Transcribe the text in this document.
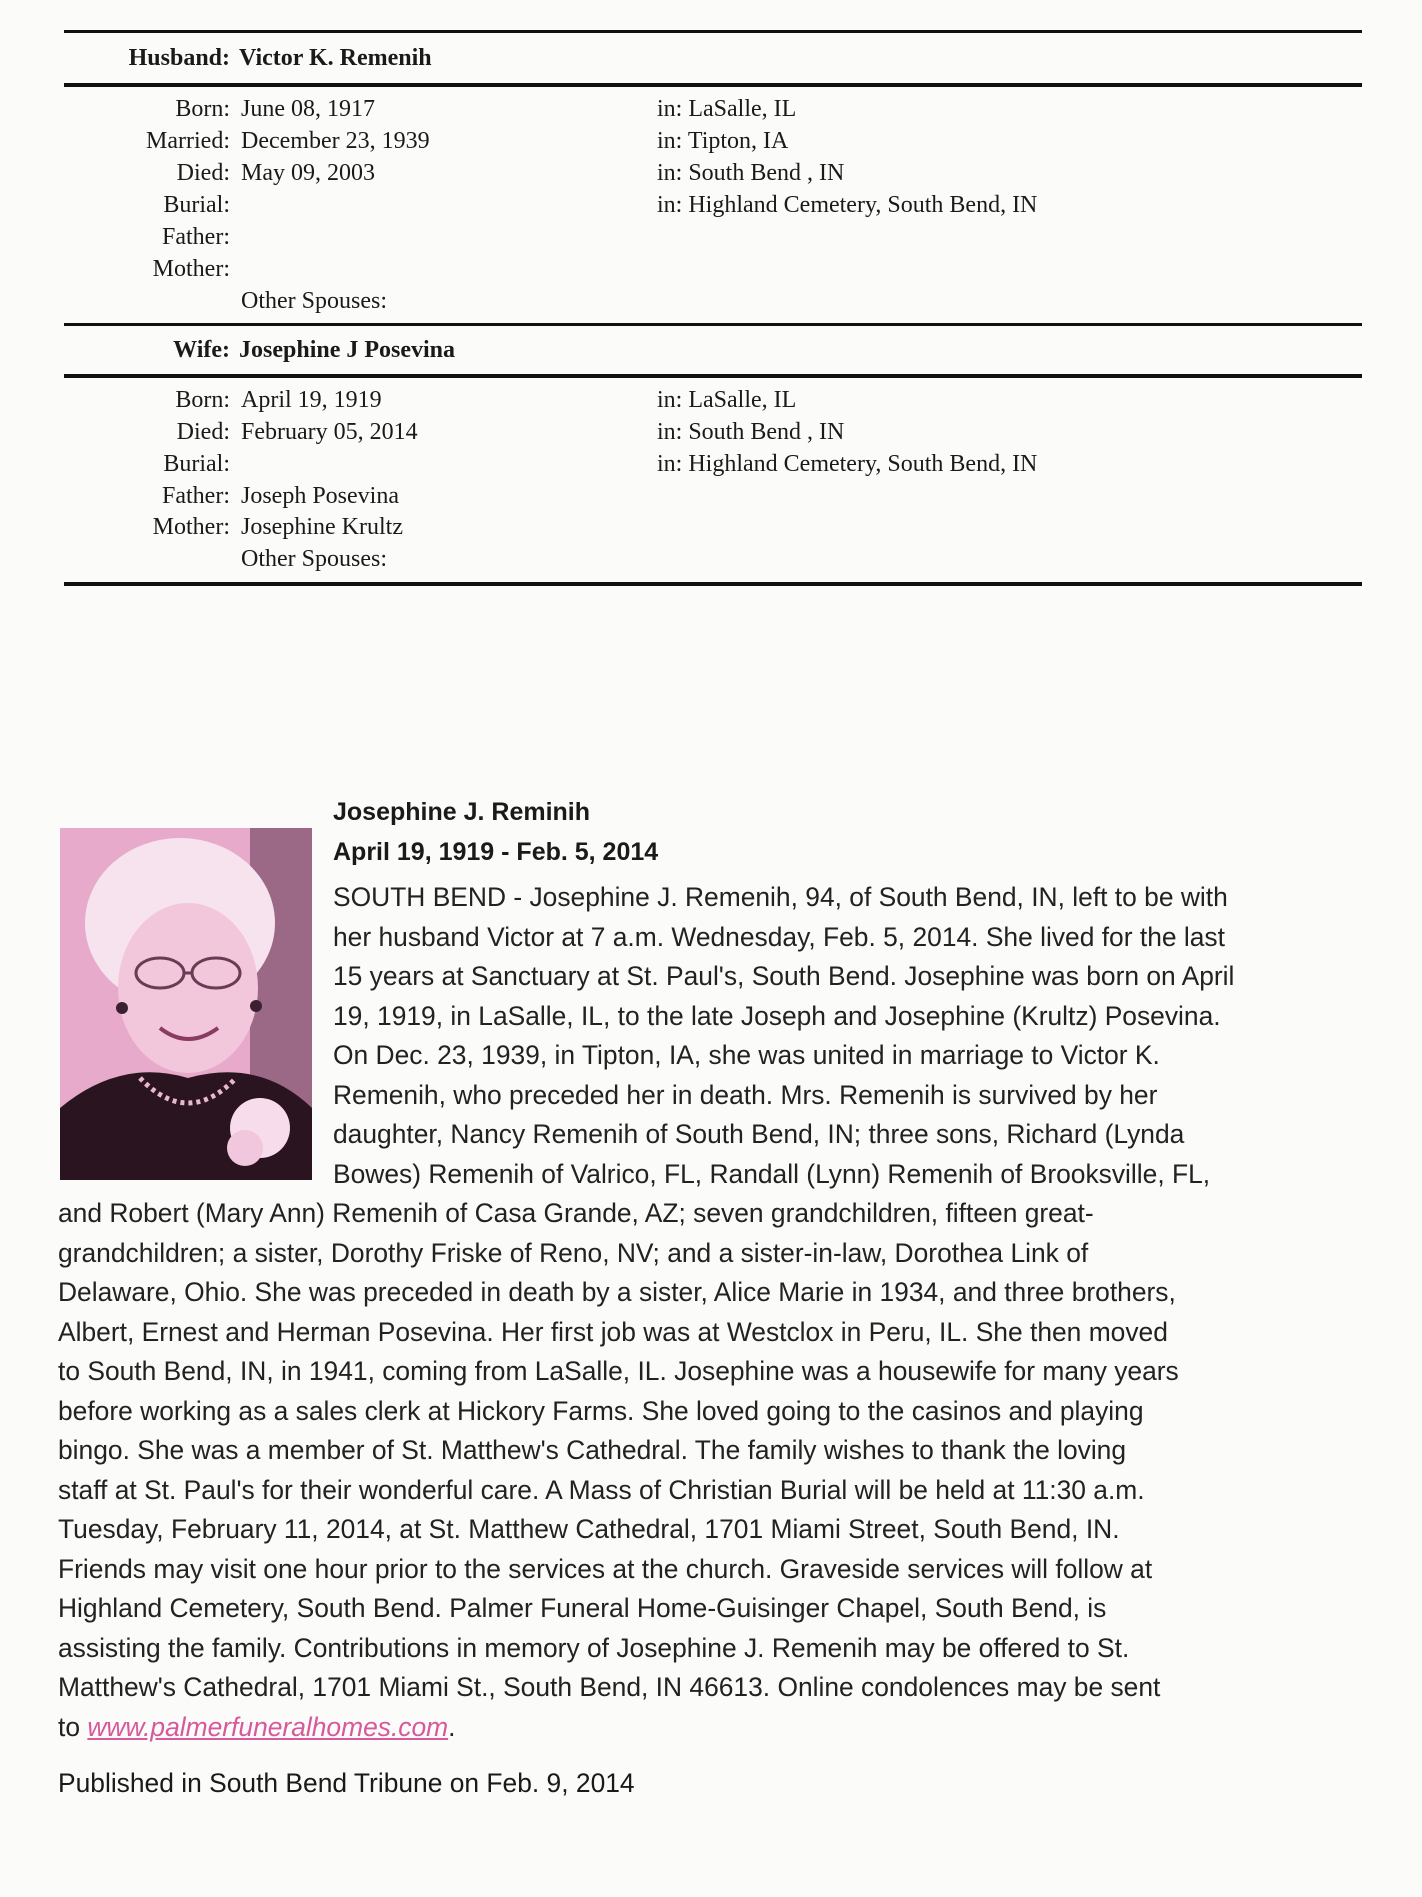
Husband: Victor K. Remenih
Born: June 08, 1917	in: LaSalle, IL
Married: December 23, 1939	in: Tipton, IA
Died: May 09, 2003	in: South Bend , IN
Burial:	in: Highland Cemetery, South Bend, IN
Father:
Mother:
Other Spouses:
Wife: Josephine J Posevina
Born: April 19, 1919	in: LaSalle, IL
Died: February 05, 2014	in: South Bend , IN
Burial:	in: Highland Cemetery, South Bend, IN
Father: Joseph Posevina
Mother: Josephine Krultz
Other Spouses:
Josephine J. Reminih
April 19, 1919 - Feb. 5, 2014
SOUTH BEND - Josephine J. Remenih, 94, of South Bend, IN, left to be with
her husband Victor at 7 a.m. Wednesday, Feb. 5, 2014. She lived for the last
15 years at Sanctuary at St. Paul's, South Bend. Josephine was born on April
19, 1919, in LaSalle, IL, to the late Joseph and Josephine (Krultz) Posevina.
On Dec. 23, 1939, in Tipton, IA, she was united in marriage to Victor K.
Remenih, who preceded her in death. Mrs. Remenih is survived by her
daughter, Nancy Remenih of South Bend, IN; three sons, Richard (Lynda
Bowes) Remenih of Valrico, FL, Randall (Lynn) Remenih of Brooksville, FL,
and Robert (Mary Ann) Remenih of Casa Grande, AZ; seven grandchildren, fifteen great-
grandchildren; a sister, Dorothy Friske of Reno, NV; and a sister-in-law, Dorothea Link of
Delaware, Ohio. She was preceded in death by a sister, Alice Marie in 1934, and three brothers,
Albert, Ernest and Herman Posevina. Her first job was at Westclox in Peru, IL. She then moved
to South Bend, IN, in 1941, coming from LaSalle, IL. Josephine was a housewife for many years
before working as a sales clerk at Hickory Farms. She loved going to the casinos and playing
bingo. She was a member of St. Matthew's Cathedral. The family wishes to thank the loving
staff at St. Paul's for their wonderful care. A Mass of Christian Burial will be held at 11:30 a.m.
Tuesday, February 11, 2014, at St. Matthew Cathedral, 1701 Miami Street, South Bend, IN.
Friends may visit one hour prior to the services at the church. Graveside services will follow at
Highland Cemetery, South Bend. Palmer Funeral Home-Guisinger Chapel, South Bend, is
assisting the family. Contributions in memory of Josephine J. Remenih may be offered to St.
Matthew's Cathedral, 1701 Miami St., South Bend, IN 46613. Online condolences may be sent
to www.palmerfuneralhomes.com.
Published in South Bend Tribune on Feb. 9, 2014
